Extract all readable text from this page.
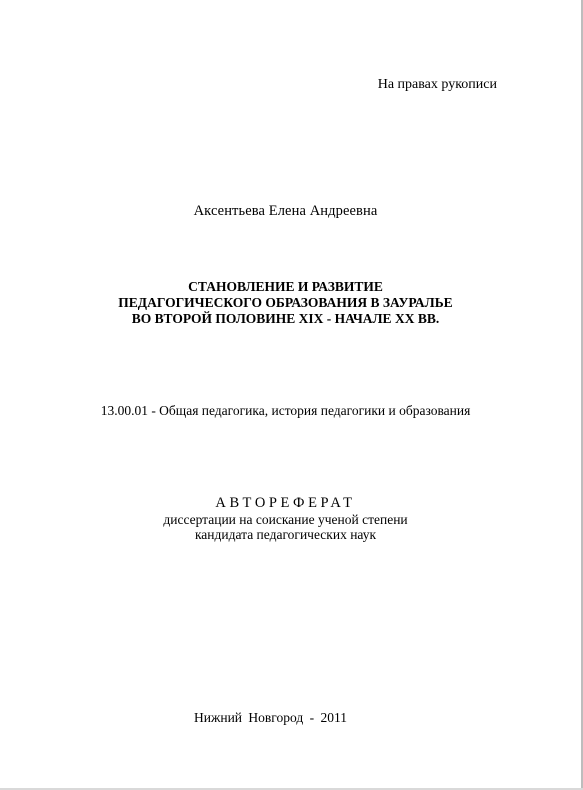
На правах рукописи
Аксентьева Елена Андреевна
СТАНОВЛЕНИЕ И РАЗВИТИЕ
ПЕДАГОГИЧЕСКОГО ОБРАЗОВАНИЯ В ЗАУРАЛЬЕ
ВО ВТОРОЙ ПОЛОВИНЕ XIX - НАЧАЛЕ XX ВВ.
13.00.01 - Общая педагогика, история педагогики и образования
АВТОРЕФЕРАТ
диссертации на соискание ученой степени
кандидата педагогических наук
Нижний Новгород - 2011
